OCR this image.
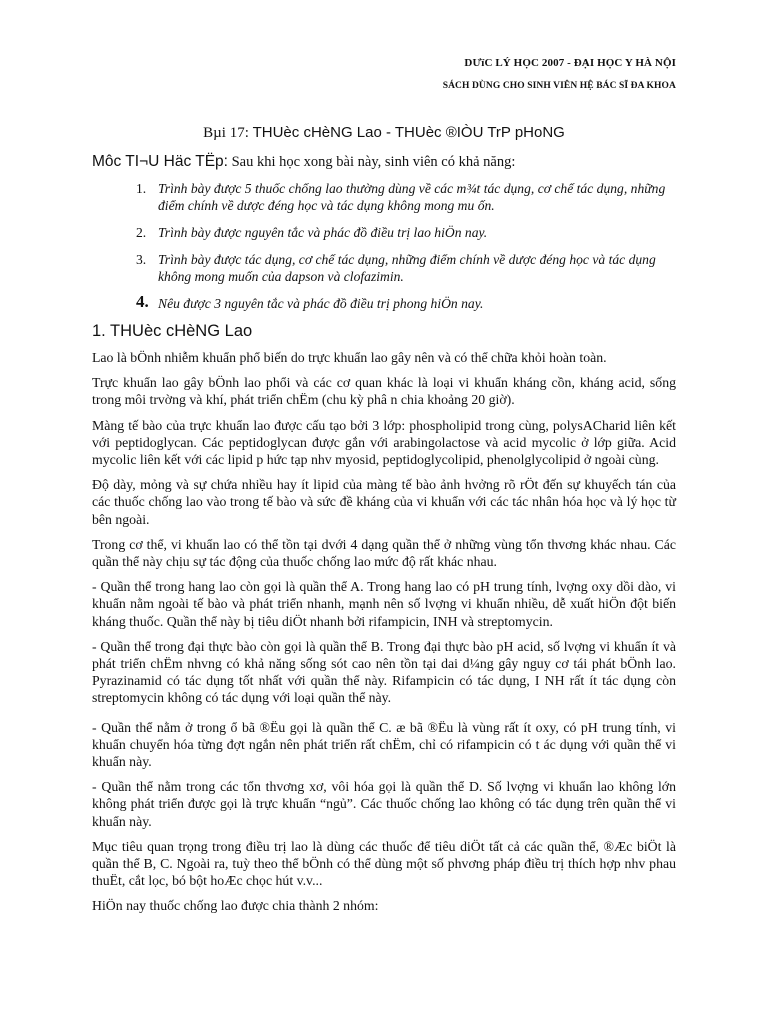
DƯïC LÝ HỌC 2007 - ĐẠI HỌC Y HÀ NỘI
SÁCH DÙNG CHO SINH VIÊN HỆ BÁC SĨ ĐA KHOA
Bµi 17: THUèc cHèNG Lao - THUèc ®IÒU TrP pHoNG
Môc TI¬U Häc TËp: Sau khi học xong bài này, sinh viên có khả năng:
1. Trình bày được 5 thuốc chống lao thường dùng về các m¾t tác dụng, cơ chế tác dụng, những điểm chính về dược đéng học và tác dụng không mong mu ốn.
2. Trình bày được nguyên tắc và phác đồ điều trị lao hiÖn nay.
3. Trình bày được tác dụng, cơ chế tác dụng, những điểm chính về dược đéng học và tác dụng không mong muốn của dapson và clofazimin.
4. Nêu được 3 nguyên tắc và phác đồ điều trị phong hiÖn nay.
1. THUèc cHèNG Lao

Lao là bÖnh nhiễm khuẩn phổ biến do trực khuẩn lao gây nên và có thể chữa khỏi hoàn toàn.

Trực khuẩn lao gây bÖnh lao phổi và các cơ quan khác là loại vi khuẩn kháng cồn, kháng acid, sống trong môi trvờng và khí, phát triển chËm (chu kỳ phâ n chia khoảng 20 giờ).

Màng tế bào của trực khuẩn lao được cấu tạo bởi 3 lớp: phospholipid trong cùng, polysACharid liên kết với peptidoglycan. Các peptidoglycan được gắn với arabingolactose và acid mycolic ở lớp giữa. Acid mycolic liên kết với các lipid p hức tạp nhv myosid, peptidoglycolipid, phenolglycolipid ở ngoài cùng.

Độ dày, mỏng và sự chứa nhiều hay ít lipid của màng tế bào ảnh hvởng rõ rÖt đến sự khuyếch tán của các thuốc chống lao vào trong tế bào và sức đề kháng của vi khuẩn với các tác nhân hóa học và lý học từ bên ngoài.

Trong cơ thể, vi khuẩn lao có thể tồn tại dvới 4 dạng quần thể ở những vùng tổn thvơng khác nhau. Các quần thể này chịu sự tác động của thuốc chống lao mức độ rất khác nhau.

- Quần thể trong hang lao còn gọi là quần thể A. Trong hang lao có pH trung tính, lvợng oxy dồi dào, vi khuẩn nằm ngoài tế bào và phát triển nhanh, mạnh nên số lvợng vi khuẩn nhiều, dễ xuất hiÖn đột biến kháng thuốc. Quần thể này bị tiêu diÖt nhanh bởi rifampicin, INH và streptomycin.

- Quần thể trong đại thực bào còn gọi là quần thể B. Trong đại thực bào pH acid, số lvợng vi khuẩn ít và phát triển chËm nhvng có khả năng sống sót cao nên tồn tại dai d¼ng gây nguy cơ tái phát bÖnh lao. Pyrazinamid có tác dụng tốt nhất với quần thể này. Rifampicin có tác dụng, I NH rất ít tác dụng còn streptomycin không có tác dụng với loại quần thể này.

- Quần thể nằm ở trong ổ bã ®Ëu gọi là quần thể C. æ bã ®Ëu là vùng rất ít oxy, có pH trung tính, vi khuẩn chuyển hóa từng đợt ngắn nên phát triển rất chËm, chỉ có rifampicin có t ác dụng với quần thể vi khuẩn này.

- Quần thể nằm trong các tổn thvơng xơ, vôi hóa gọi là quần thể D. Số lvợng vi khuẩn lao không lớn không phát triển được gọi là trực khuẩn “ngủ”. Các thuốc chống lao không có tác dụng trên quần thể vi khuẩn này.

Mục tiêu quan trọng trong điều trị lao là dùng các thuốc để tiêu diÖt tất cả các quần thể, ®Æc biÖt là quần thể B, C. Ngoài ra, tuỳ theo thể bÖnh có thể dùng một số phvơng pháp điều trị thích hợp nhv phau thuËt, cắt lọc, bó bột hoÆc chọc hút v.v...

HiÖn nay thuốc chống lao được chia thành 2 nhóm:
